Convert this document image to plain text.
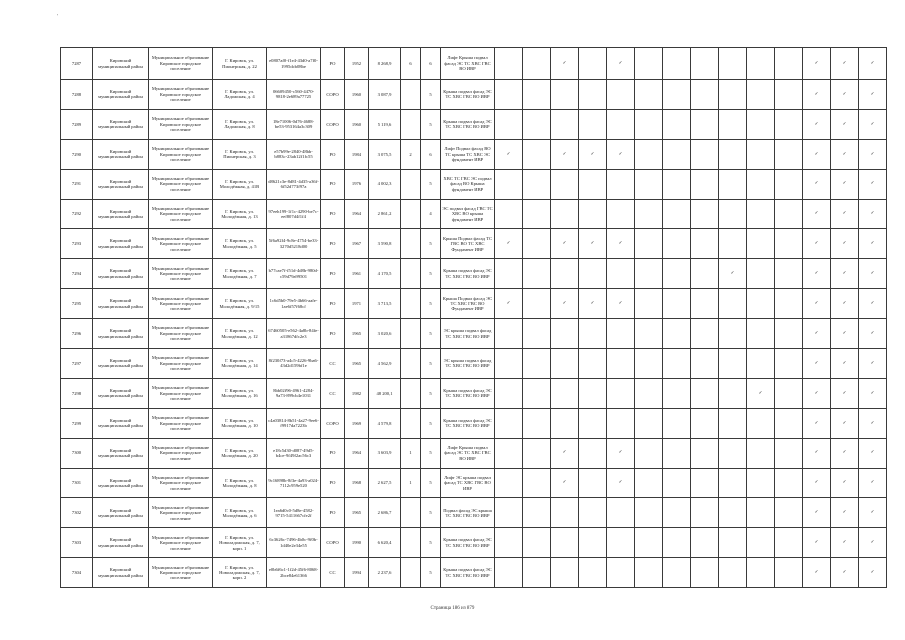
'
7287	Кировский муниципальный район	Муниципальное образование Кировское городское поселение	Г. Кировск, ул. Пионерская, д. 22	e0807af0-f1e4-43d0-a7f0-1995dcb08be	РО	1952	8 268,9	6	6	Лифт Крыша подвал фасад ЭС ТС ХВС ГВС ВО ИВР			✓		✓							✓	✓	✓
7288	Кировский муниципальный район	Муниципальное образование Кировское городское поселение	Г. Кировск, ул. Ладожская, д. 4	06609450-c560-4470-9818-2e689a77725	СОРО	1960	3 087,9		5	Крыша подвал фасад ЭС ТС ХВС ГВС ВО ИВР												✓	✓	✓
7289	Кировский муниципальный район	Муниципальное образование Кировское городское поселение	Г. Кировск, ул. Ладожская, д. 8	18e71006-0d76-4688-be53-953164a3c309	СОРО	1960	5 119,6		5	Крыша подвал фасад ЭС ТС ХВС ГВС ВО ИВР												✓	✓	✓
7290	Кировский муниципальный район	Муниципальное образование Кировское городское поселение	Г. Кировск, ул. Пионерская, д. 3	e57b99e-2840-48bb-b883c-23ab12f1fc55	РО	1984	3 075,5	2	6	Лифт Подвал фасад ВО ТС крыша ТС ХВС ЭС фундамент ИВР	✓		✓	✓	✓							✓	✓	✓
7291	Кировский муниципальный район	Муниципальное образование Кировское городское поселение	Г. Кировск, ул. Молодёжная, д. 41В	d8621c3e-8d81-4d35-a36f-6f52d773f97a	РО	1976	4 002,3		5	ХВС ТС ГВС ЭС подвал фасад ВО Крыша фундамент ИВР												✓	✓	✓
7292	Кировский муниципальный район	Муниципальное образование Кировское городское поселение	Г. Кировск, ул. Молодёжная, д. 13	97eeh199-1f1c-4290-be7c-eef807d4f1f4	РО	1964	2 861,2		4	ЭС подвал фасад ГВС ТС ХВС ВО крыша фундамент ИВР												✓	✓	✓
7293	Кировский муниципальный район	Муниципальное образование Кировское городское поселение	Г. Кировск, ул. Молодёжная, д. 5	5f6a92f4-9c8e-4754-be33-3270d5218d00	РО	1967	3 590,8		5	Крыша Подвал фасад ТС ГВС ВО ТС ХВС Фундамент ИВР	✓		✓	✓	✓							✓	✓	✓
7294	Кировский муниципальный район	Муниципальное образование Кировское городское поселение	Г. Кировск, ул. Молодёжная, д. 7	b77cae7f-f51d-4d8b-980d-c59d79a99501	РО	1961	4 170,5		5	Крыша подвал фасад ЭС ТС ХВС ГВС ВО ИВР									✓			✓	✓	✓
7295	Кировский муниципальный район	Муниципальное образование Кировское городское поселение	Г. Кировск, ул. Молодёжная, д. 9/15	1c6d5b0-79e5-4b66-aafe-1ae6f57f68cf	РО	1971	3 713,5		5	Крыша Подвал фасад ЭС ТС ХВС ГВС ВО Фундамент ИВР	✓		✓	✓	✓							✓	✓	✓
7296	Кировский муниципальный район	Муниципальное образование Кировское городское поселение	Г. Кировск, ул. Молодёжная, д. 12	67460505-e562-4a8b-84fe-a31867dfc2e3	РО	1965	3 020,6		5	ЭС крыша подвал фасад ТС ХВС ГВС ВО ИВР												✓	✓	✓
7297	Кировский муниципальный район	Муниципальное образование Кировское городское поселение	Г. Кировск, ул. Молодёжная, д. 14	8f230f73-a4c5-4226-9ba6-43d2d159bf1e	СС	1965	4 562,9		5	ЭС крыша подвал фасад ТС ХВС ГВС ВО ИВР												✓	✓	✓
7298	Кировский муниципальный район	Муниципальное образование Кировское городское поселение	Г. Кировск, ул. Молодёжная, д. 16	8bb02f96-4961-4284-9a73-899cb4e1031	СС	1982	48 200,1		5	Крыша подвал фасад ЭС ТС ХВС ГВС ВО ИВР										✓		✓	✓	✓
7299	Кировский муниципальный район	Муниципальное образование Кировское городское поселение	Г. Кировск, ул. Молодёжная, д. 10	c4a03814-8b51-4a27-9ee6-f9917da7223b	СОРО	1969	4 579,8		5	Крыша подвал фасад ЭС ТС ХВС ГВС ВО ИВР												✓	✓	✓
7300	Кировский муниципальный район	Муниципальное образование Кировское городское поселение	Г. Кировск, ул. Молодёжная, д. 20	e18c5d30-d087-49d5-b4ce-9f49f2ac56c3	РО	1964	3 603,9	1	5	Лифт Крыша подвал фасад ЭС ТС ХВС ГВС ВО ИВР			✓		✓							✓	✓	✓
7301	Кировский муниципальный район	Муниципальное образование Кировское городское поселение	Г. Кировск, ул. Молодёжная, д. 8	9c16898b-8f3e-4a93-a024-7112c959e520	РО	1968	2 627,5	1	5	Лифт ЭС крыша подвал фасад ТС ХВС ГВС ВО ИВР			✓		✓							✓	✓	✓
7302	Кировский муниципальный район	Муниципальное образование Кировское городское поселение	Г. Кировск, ул. Молодёжная, д. 6	1ea6d0c0-5d8e-4582-9715-5411667cfe2f	РО	1965	2 686,7		5	Подвал фасад ЭС крыша ТС ХВС ГВС ВО ИВР												✓	✓	✓
7303	Кировский муниципальный район	Муниципальное образование Кировское городское поселение	Г. Кировск, ул. Новоладожская, д. 7, корп. 1	6c3626c-7496-4b0c-9f0b-1d40e2e34e55	СОРО	1990	6 620,4		5	Крыша подвал фасад ЭС ТС ХВС ГВС ВО ИВР												✓	✓	✓
7304	Кировский муниципальный район	Муниципальное образование Кировское городское поселение	Г. Кировск, ул. Новоладожская, д. 7, корп. 2	e0b6f6c1-1f2d-45f6-8068-2bce84e61366	СС	1994	2 237,6		5	Крыша подвал фасад ЭС ТС ХВС ГВС ВО ИВР												✓	✓	✓
Страница 186 из 879
